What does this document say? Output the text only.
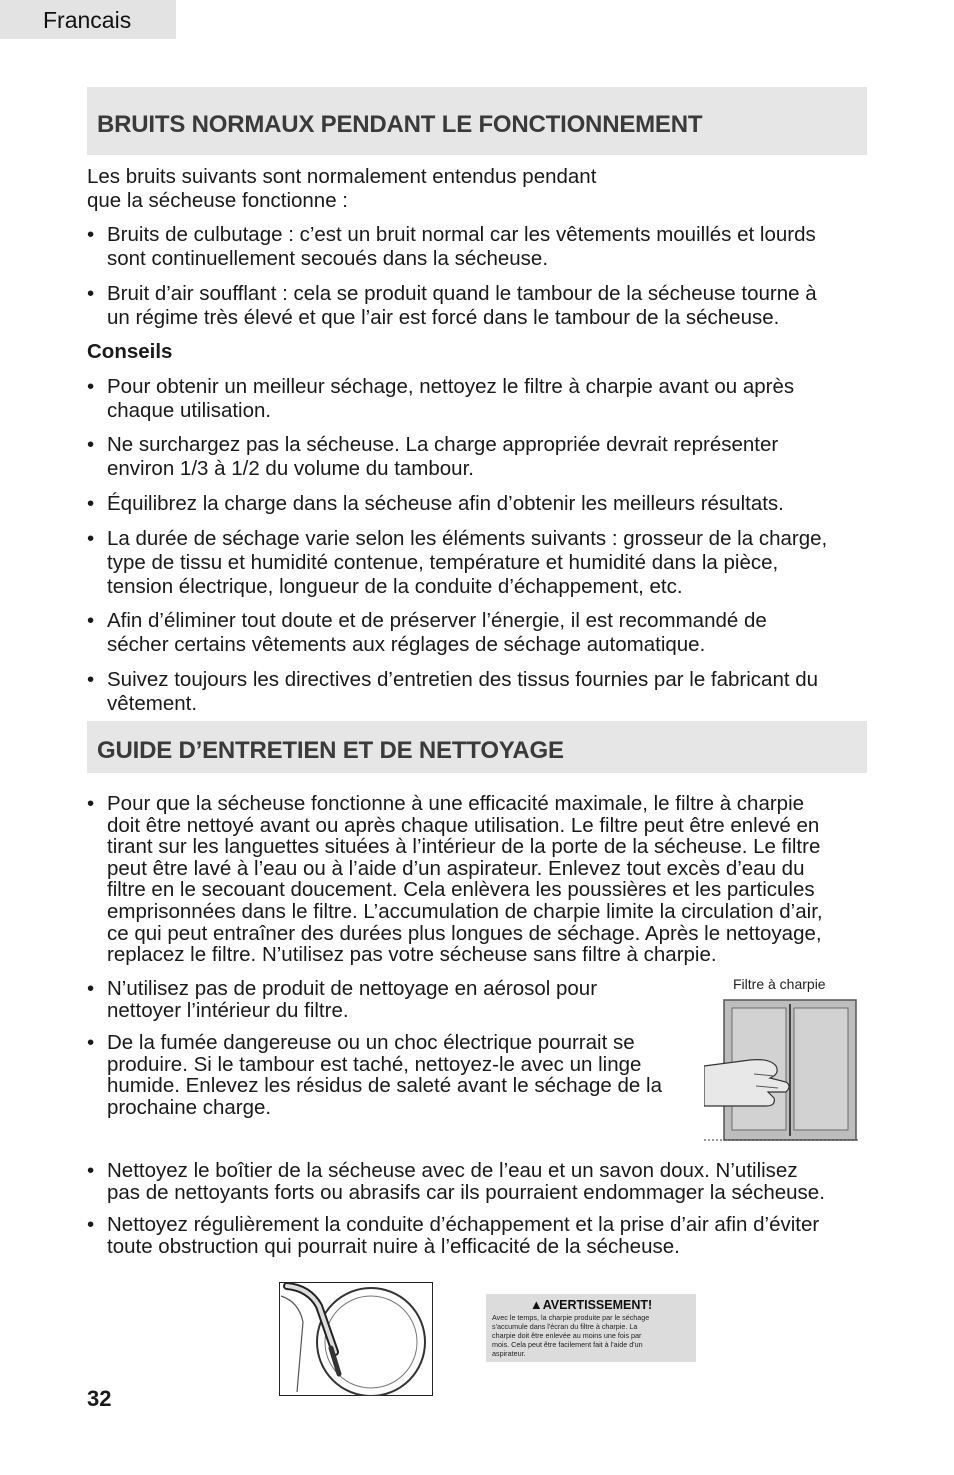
Francais
BRUITS NORMAUX PENDANT LE FONCTIONNEMENT
Les bruits suivants sont normalement entendus pendant
que la sécheuse fonctionne :
• Bruits de culbutage : c’est un bruit normal car les vêtements mouillés et lourds
sont continuellement secoués dans la sécheuse.
• Bruit d’air soufflant : cela se produit quand le tambour de la sécheuse tourne à
un régime très élevé et que l’air est forcé dans le tambour de la sécheuse.
Conseils
• Pour obtenir un meilleur séchage, nettoyez le filtre à charpie avant ou après
chaque utilisation.
• Ne surchargez pas la sécheuse. La charge appropriée devrait représenter
environ 1/3 à 1/2 du volume du tambour.
• Équilibrez la charge dans la sécheuse afin d’obtenir les meilleurs résultats.
• La durée de séchage varie selon les éléments suivants : grosseur de la charge,
type de tissu et humidité contenue, température et humidité dans la pièce,
tension électrique, longueur de la conduite d’échappement, etc.
• Afin d’éliminer tout doute et de préserver l’énergie, il est recommandé de
sécher certains vêtements aux réglages de séchage automatique.
• Suivez toujours les directives d’entretien des tissus fournies par le fabricant du
vêtement.
GUIDE D’ENTRETIEN ET DE NETTOYAGE
• Pour que la sécheuse fonctionne à une efficacité maximale, le filtre à charpie
doit être nettoyé avant ou après chaque utilisation. Le filtre peut être enlevé en
tirant sur les languettes situées à l’intérieur de la porte de la sécheuse. Le filtre
peut être lavé à l’eau ou à l’aide d’un aspirateur. Enlevez tout excès d’eau du
filtre en le secouant doucement. Cela enlèvera les poussières et les particules
emprisonnées dans le filtre. L’accumulation de charpie limite la circulation d’air,
ce qui peut entraîner des durées plus longues de séchage. Après le nettoyage,
replacez le filtre. N’utilisez pas votre sécheuse sans filtre à charpie.
• N’utilisez pas de produit de nettoyage en aérosol pour
nettoyer l’intérieur du filtre.
• De la fumée dangereuse ou un choc électrique pourrait se
produire. Si le tambour est taché, nettoyez-le avec un linge
humide. Enlevez les résidus de saleté avant le séchage de la
prochaine charge.
• Nettoyez le boîtier de la sécheuse avec de l’eau et un savon doux. N’utilisez
pas de nettoyants forts ou abrasifs car ils pourraient endommager la sécheuse.
• Nettoyez régulièrement la conduite d’échappement et la prise d’air afin d’éviter
toute obstruction qui pourrait nuire à l’efficacité de la sécheuse.
Filtre à charpie
▲AVERTISSEMENT!
Avec le temps, la charpie produite par le séchage
s'accumule dans l'écran du filtre à charpie. La
charpie doit être enlevée au moins une fois par
mois. Cela peut être facilement fait à l'aide d'un
aspirateur.
32
